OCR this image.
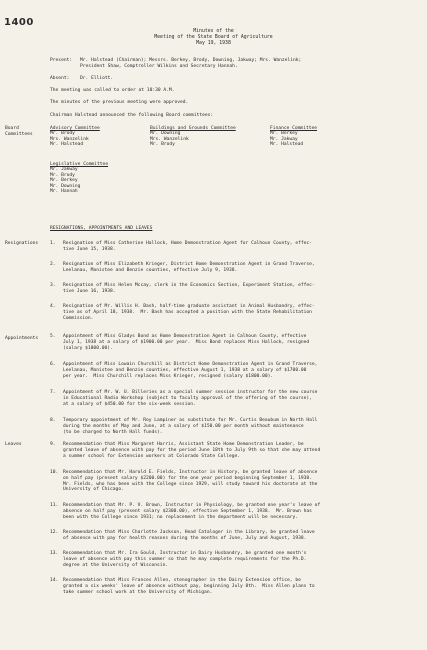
1400
Minutes of the
Meeting of the State Board of Agriculture
May 19, 1938
Present: Mr. Halstead (Chairman); Messrs. Berkey, Brody, Downing, Jakway; Mrs. Wanzelink;
President Shaw, Comptroller Wilkins and Secretary Hannah.
Absent: Dr. Elliott.
The meeting was called to order at 10:30 A.M.
The minutes of the previous meeting were approved.
Chairman Halstead announced the following Board committees:
Board
Committees
Advisory Committee
Mr. Brody
Mrs. Wanzelink
Mr. Halstead
Buildings and Grounds Committee
Mr. Downing
Mrs. Wanzelink
Mr. Brody
Finance Committee
Mr. Berkey
Mr. Jakway
Mr. Halstead
Legislative Committee
Mr. Jakway
Mr. Brody
Mr. Berkey
Mr. Downing
Mr. Hannah
RESIGNATIONS, APPOINTMENTS AND LEAVES
Resignations
Appointments
Leaves
1. Resignation of Miss Catherine Hallock, Home Demonstration Agent for Calhoun County, effec-
tive June 15, 1938.
2. Resignation of Miss Elizabeth Krieger, District Home Demonstration Agent in Grand Traverse,
Leelanau, Manistee and Benzie counties, effective July 9, 1938.
3. Resignation of Miss Helen Mccay, clerk in the Economics Section, Experiment Station, effec-
tive June 16, 1938.
4. Resignation of Mr. Willis H. Bash, half-time graduate assistant in Animal Husbandry, effec-
tive as of April 18, 1938.  Mr. Bash has accepted a position with the State Rehabilitation
Commission.
5. Appointment of Miss Gladys Bond as Home Demonstration Agent in Calhoun County, effective
July 1, 1938 at a salary of $1900.00 per year.  Miss Bond replaces Miss Hallock, resigned
(salary $1800.00).
6. Appointment of Miss Lowain Churchill as District Home Demonstration Agent in Grand Traverse,
Leelanau, Manistee and Benzie counties, effective August 1, 1938 at a salary of $1700.00
per year.  Miss Churchill replaces Miss Krieger, resigned (salary $1800.00).
7. Appointment of Mr. W. U. Billeries as a special summer session instructor for the new course
in Educational Radio Workshop (subject to faculty approval of the offering of the course),
at a salary of $450.00 for the six-week session.
8. Temporary appointment of Mr. Roy Lampiner as substitute for Mr. Curtis Beaubum in North Hall
during the months of May and June, at a salary of $150.00 per month without maintenance
(to be charged to North Hall funds).
9. Recommendation that Miss Margaret Harris, Assistant State Home Demonstration Leader, be
granted leave of absence with pay for the period June 18th to July 9th so that she may attend
a summer school for Extension workers at Colorado State College.
10. Recommendation that Mr. Harold E. Fields, Instructor in History, be granted leave of absence
on half pay (present salary $2200.00) for the one year period beginning September 1, 1938.
Mr. Fields, who has been with the College since 1929, will study toward his doctorate at the
University of Chicago.
11. Recommendation that Mr. P. V. Brown, Instructor in Physiology, be granted one year's leave of
absence on half pay (present salary $2300.00), effective September 1, 1938.  Mr. Brown has
been with the College since 1931; no replacement in the department will be necessary.
12. Recommendation that Miss Charlotte Jackson, Head Cataloger in the Library, be granted leave
of absence with pay for health reasons during the months of June, July and August, 1938.
13. Recommendation that Mr. Ira Gould, Instructor in Dairy Husbandry, be granted one month's
leave of absence with pay this summer so that he may complete requirements for the Ph.D.
degree at the University of Wisconsin.
14. Recommendation that Miss Frances Allen, stenographer in the Dairy Extension office, be
granted a six weeks' leave of absence without pay, beginning July 8th.  Miss Allen plans to
take summer school work at the University of Michigan.
